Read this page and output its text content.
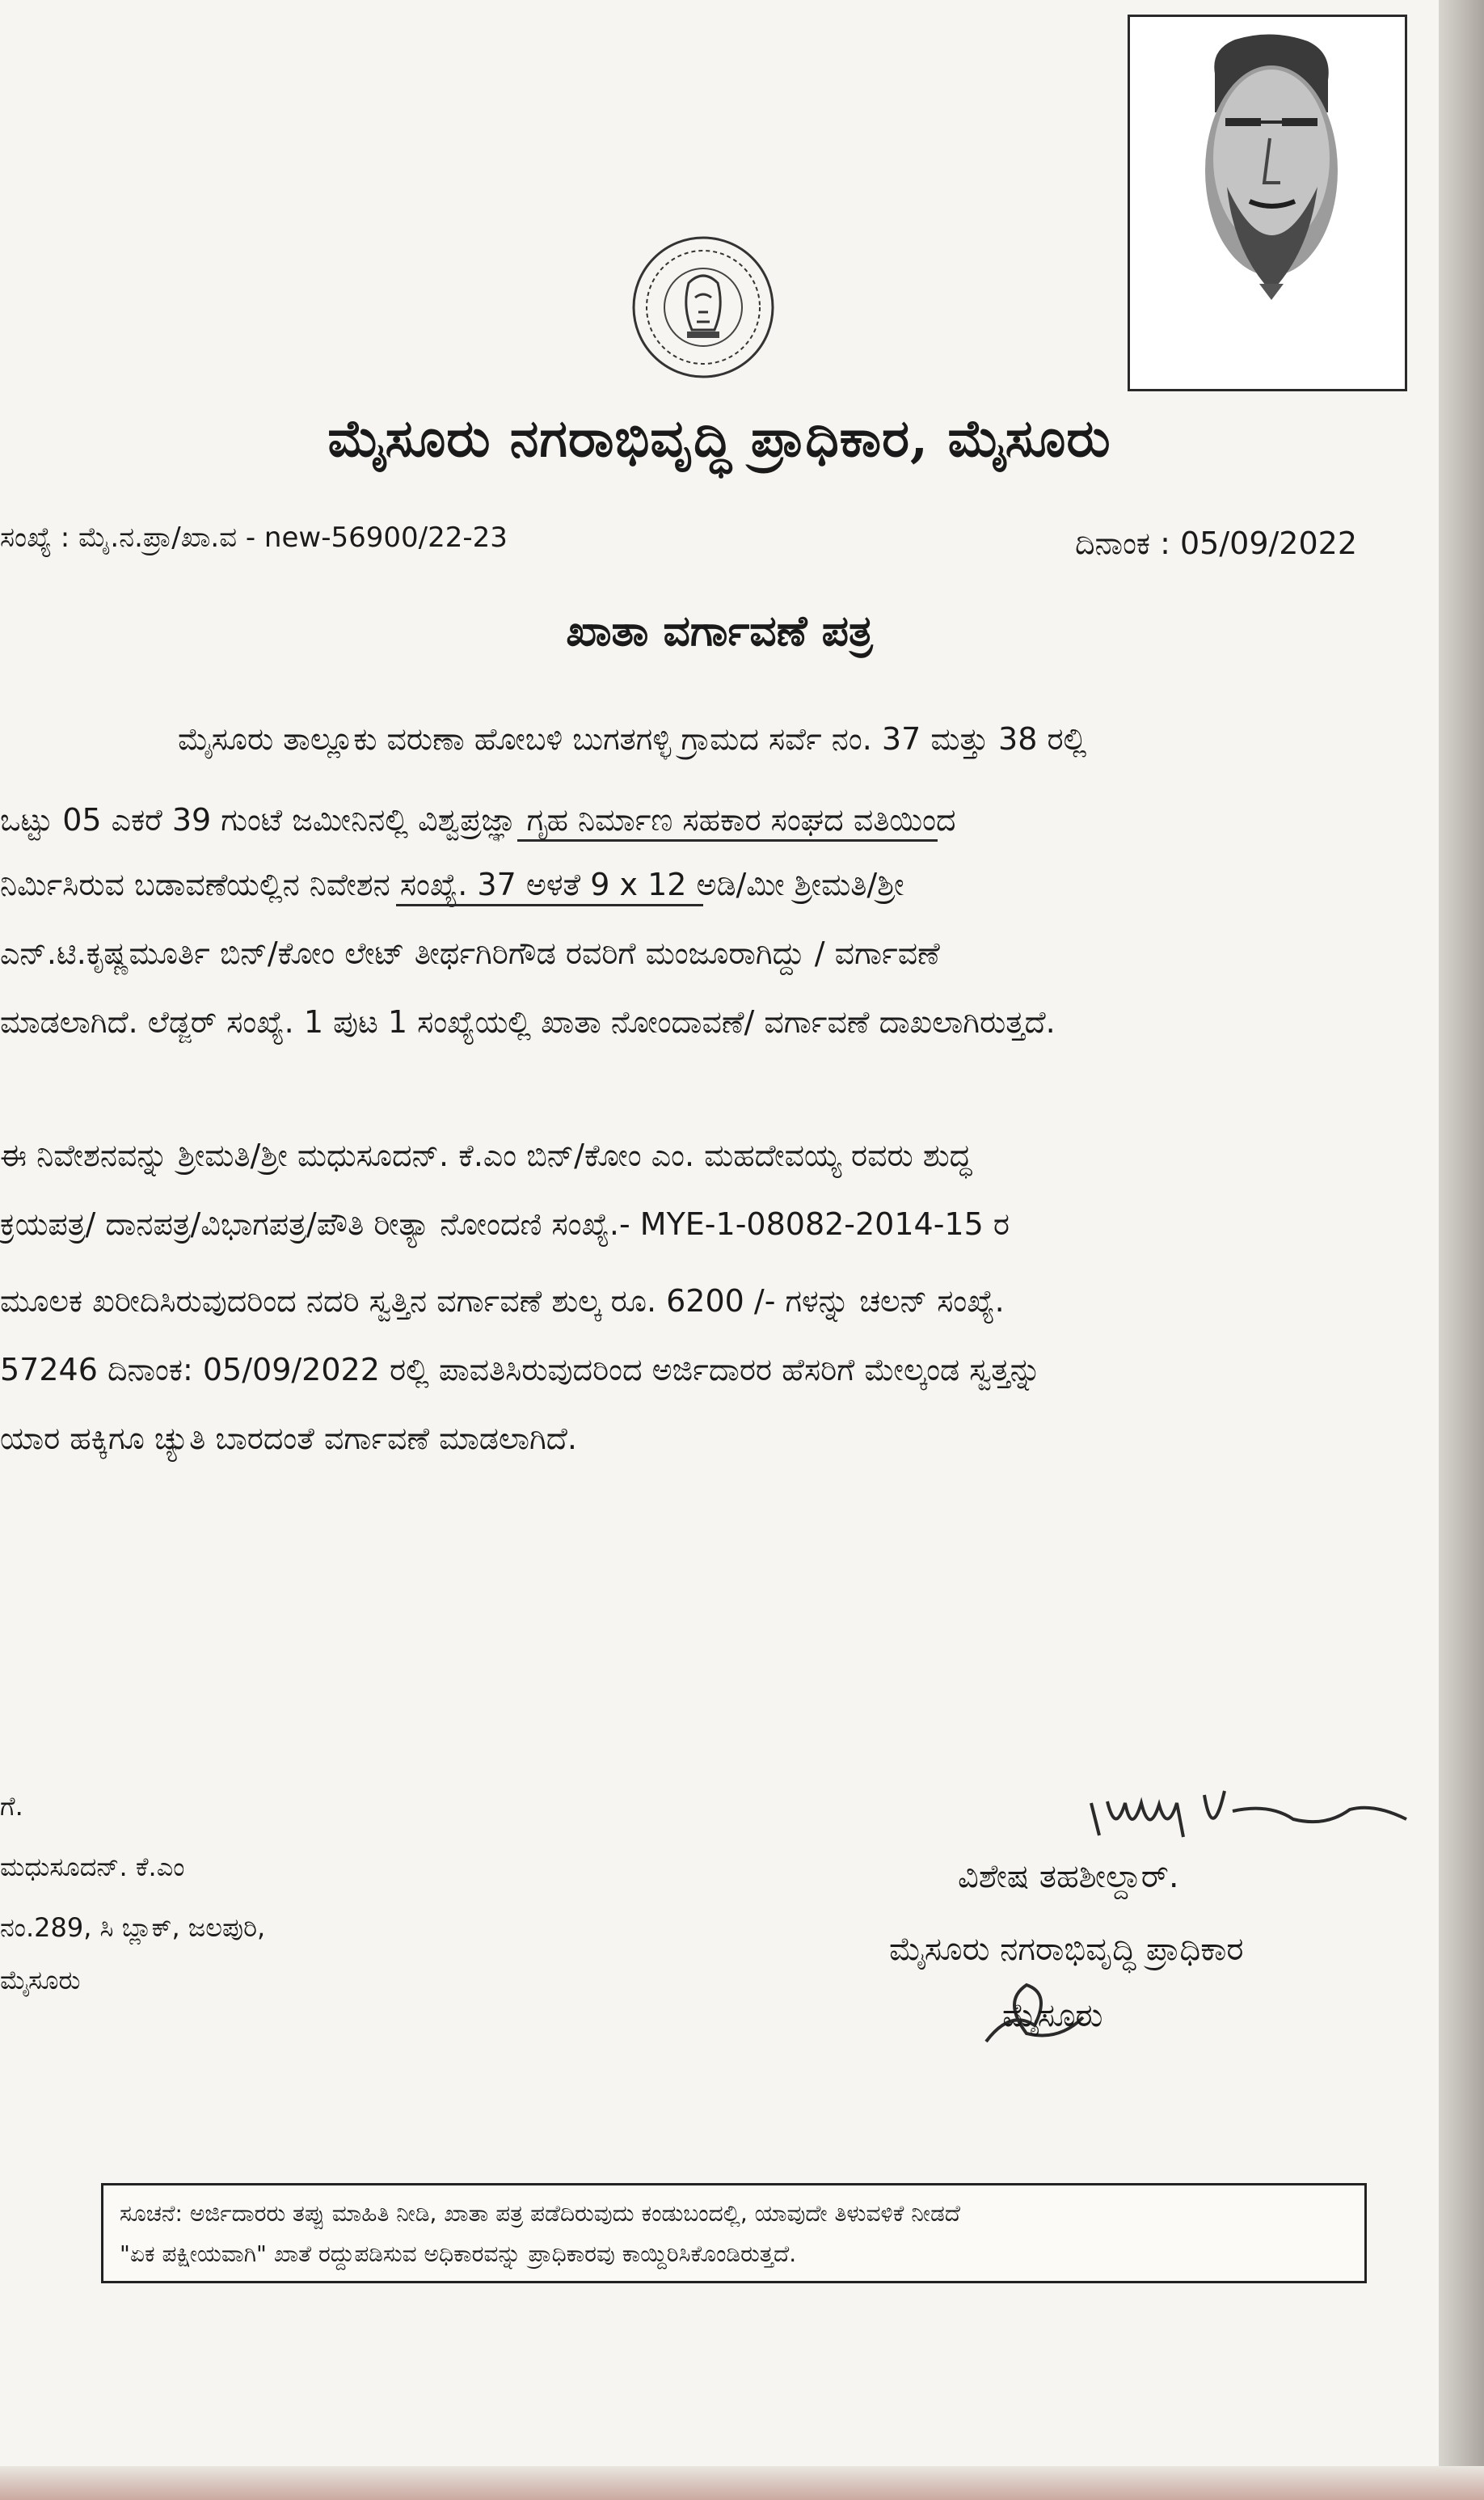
ಮೈಸೂರು ನಗರಾಭಿವೃದ್ಧಿ ಪ್ರಾಧಿಕಾರ, ಮೈಸೂರು
ಸಂಖ್ಯೆ : ಮೈ.ನ.ಪ್ರಾ/ಖಾ.ವ - new-56900/22-23	ದಿನಾಂಕ : 05/09/2022
ಖಾತಾ ವರ್ಗಾವಣೆ ಪತ್ರ
ಮೈಸೂರು ತಾಲ್ಲೂಕು ವರುಣಾ ಹೋಬಳಿ ಬುಗತಗಳ್ಳಿ ಗ್ರಾಮದ ಸರ್ವೆ ನಂ. 37 ಮತ್ತು 38 ರಲ್ಲಿ
ಒಟ್ಟು 05 ಎಕರೆ 39 ಗುಂಟೆ ಜಮೀನಿನಲ್ಲಿ ವಿಶ್ವಪ್ರಜ್ಞಾ ಗೃಹ ನಿರ್ಮಾಣ ಸಹಕಾರ ಸಂಘದ ವತಿಯಿಂದ
ನಿರ್ಮಿಸಿರುವ ಬಡಾವಣೆಯಲ್ಲಿನ ನಿವೇಶನ ಸಂಖ್ಯೆ. 37 ಅಳತೆ 9 x 12 ಅಡಿ/ಮೀ ಶ್ರೀಮತಿ/ಶ್ರೀ
ಎನ್.ಟಿ.ಕೃಷ್ಣಮೂರ್ತಿ ಬಿನ್/ಕೋಂ ಲೇಟ್ ತೀರ್ಥಗಿರಿಗೌಡ ರವರಿಗೆ ಮಂಜೂರಾಗಿದ್ದು / ವರ್ಗಾವಣೆ
ಮಾಡಲಾಗಿದೆ. ಲೆಡ್ಜರ್ ಸಂಖ್ಯೆ. 1 ಪುಟ 1 ಸಂಖ್ಯೆಯಲ್ಲಿ ಖಾತಾ ನೋಂದಾವಣೆ/ ವರ್ಗಾವಣೆ ದಾಖಲಾಗಿರುತ್ತದೆ.
ಈ ನಿವೇಶನವನ್ನು ಶ್ರೀಮತಿ/ಶ್ರೀ ಮಧುಸೂದನ್. ಕೆ.ಎಂ ಬಿನ್/ಕೋಂ ಎಂ. ಮಹದೇವಯ್ಯ ರವರು ಶುದ್ಧ
ಕ್ರಯಪತ್ರ/ ದಾನಪತ್ರ/ವಿಭಾಗಪತ್ರ/ಪೌತಿ ರೀತ್ಯಾ ನೋಂದಣಿ ಸಂಖ್ಯೆ.- MYE-1-08082-2014-15 ರ
ಮೂಲಕ ಖರೀದಿಸಿರುವುದರಿಂದ ನದರಿ ಸ್ವತ್ತಿನ ವರ್ಗಾವಣೆ ಶುಲ್ಕ ರೂ. 6200 /- ಗಳನ್ನು ಚಲನ್ ಸಂಖ್ಯೆ.
57246 ದಿನಾಂಕ: 05/09/2022 ರಲ್ಲಿ ಪಾವತಿಸಿರುವುದರಿಂದ ಅರ್ಜಿದಾರರ ಹೆಸರಿಗೆ ಮೇಲ್ಕಂಡ ಸ್ವತ್ತನ್ನು
ಯಾರ ಹಕ್ಕಿಗೂ ಚ್ಯುತಿ ಬಾರದಂತೆ ವರ್ಗಾವಣೆ ಮಾಡಲಾಗಿದೆ.
ಗೆ.
ಮಧುಸೂದನ್. ಕೆ.ಎಂ
ನಂ.289, ಸಿ ಬ್ಲಾಕ್, ಜಲಪುರಿ,
ಮೈಸೂರು
ವಿಶೇಷ ತಹಶೀಲ್ದಾರ್.
ಮೈಸೂರು ನಗರಾಭಿವೃದ್ಧಿ ಪ್ರಾಧಿಕಾರ
ಮೈಸೂರು
ಸೂಚನೆ: ಅರ್ಜಿದಾರರು ತಪ್ಪು ಮಾಹಿತಿ ನೀಡಿ, ಖಾತಾ ಪತ್ರ ಪಡೆದಿರುವುದು ಕಂಡುಬಂದಲ್ಲಿ, ಯಾವುದೇ ತಿಳುವಳಿಕೆ ನೀಡದೆ
"ಏಕ ಪಕ್ಷೀಯವಾಗಿ" ಖಾತೆ ರದ್ದುಪಡಿಸುವ ಅಧಿಕಾರವನ್ನು ಪ್ರಾಧಿಕಾರವು ಕಾಯ್ದಿರಿಸಿಕೊಂಡಿರುತ್ತದೆ.
